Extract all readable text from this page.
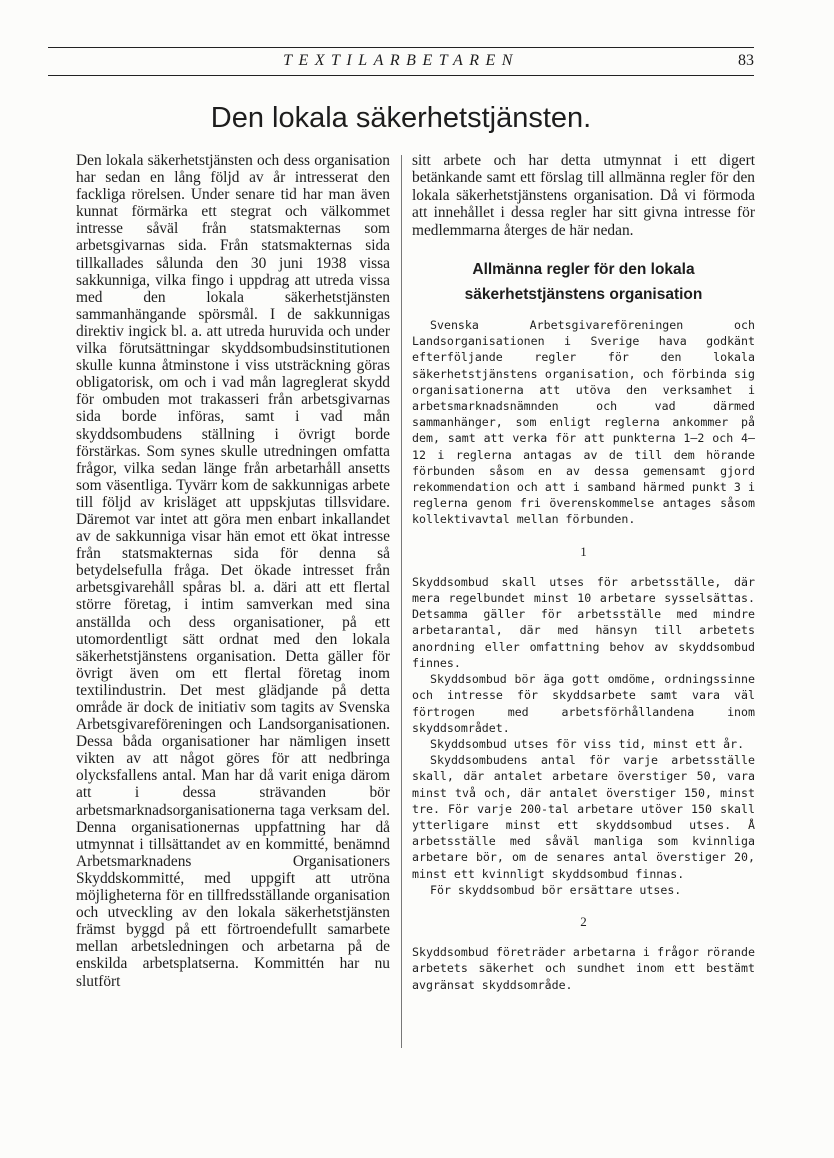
TEXTILARBETAREN	83
Den lokala säkerhetstjänsten.

Den lokala säkerhetstjänsten och dess organisation har sedan en lång följd av år intresserat den fackliga rörelsen. Under senare tid har man även kunnat förmärka ett stegrat och välkommet intresse såväl från statsmakternas som arbetsgivarnas sida. Från statsmakternas sida tillkallades sålunda den 30 juni 1938 vissa sakkunniga, vilka fingo i uppdrag att utreda vissa med den lokala säkerhetstjänsten sammanhängande spörsmål. I de sakkunnigas direktiv ingick bl. a. att utreda huruvida och under vilka förutsättningar skyddsombudsinstitutionen skulle kunna åtminstone i viss utsträckning göras obligatorisk, om och i vad mån lagreglerat skydd för ombuden mot trakasseri från arbetsgivarnas sida borde införas, samt i vad mån skyddsombudens ställning i övrigt borde förstärkas. Som synes skulle utredningen omfatta frågor, vilka sedan länge från arbetarhåll ansetts som väsentliga. Tyvärr kom de sakkunnigas arbete till följd av krisläget att uppskjutas tillsvidare. Däremot var intet att göra men enbart inkallandet av de sakkunniga visar hän emot ett ökat intresse från statsmakternas sida för denna så betydelsefulla fråga. Det ökade intresset från arbetsgivarehåll spåras bl. a. däri att ett flertal större företag, i intim samverkan med sina anställda och dess organisationer, på ett utomordentligt sätt ordnat med den lokala säkerhetstjänstens organisation. Detta gäller för övrigt även om ett flertal företag inom textilindustrin. Det mest glädjande på detta område är dock de initiativ som tagits av Svenska Arbetsgivareföreningen och Landsorganisationen. Dessa båda organisationer har nämligen insett vikten av att något göres för att nedbringa olycksfallens antal. Man har då varit eniga därom att i dessa strävanden bör arbetsmarknadsorganisationerna taga verksam del. Denna organisationernas uppfattning har då utmynnat i tillsättandet av en kommitté, benämnd Arbetsmarknadens Organisationers Skyddskommitté, med uppgift att utröna möjligheterna för en tillfredsställande organisation och utveckling av den lokala säkerhetstjänsten främst byggd på ett förtroendefullt samarbete mellan arbetsledningen och arbetarna på de enskilda arbetsplatserna. Kommittén har nu slutfört

sitt arbete och har detta utmynnat i ett digert betänkande samt ett förslag till allmänna regler för den lokala säkerhetstjänstens organisation. Då vi förmoda att innehållet i dessa regler har sitt givna intresse för medlemmarna återges de här nedan.

Allmänna regler för den lokala säkerhetstjänstens organisation

Svenska Arbetsgivareföreningen och Landsorganisationen i Sverige hava godkänt efterföljande regler för den lokala säkerhetstjänstens organisation, och förbinda sig organisationerna att utöva den verksamhet i arbetsmarknadsnämnden och vad därmed sammanhänger, som enligt reglerna ankommer på dem, samt att verka för att punkterna 1—2 och 4—12 i reglerna antagas av de till dem hörande förbunden såsom en av dessa gemensamt gjord rekommendation och att i samband härmed punkt 3 i reglerna genom fri överenskommelse antages såsom kollektivavtal mellan förbunden.

1

Skyddsombud skall utses för arbetsställe, där mera regelbundet minst 10 arbetare sysselsättas. Detsamma gäller för arbetsställe med mindre arbetarantal, där med hänsyn till arbetets anordning eller omfattning behov av skyddsombud finnes.

Skyddsombud bör äga gott omdöme, ordningssinne och intresse för skyddsarbete samt vara väl förtrogen med arbetsförhållandena inom skyddsområdet.

Skyddsombud utses för viss tid, minst ett år.

Skyddsombudens antal för varje arbetsställe skall, där antalet arbetare överstiger 50, vara minst två och, där antalet överstiger 150, minst tre. För varje 200-tal arbetare utöver 150 skall ytterligare minst ett skyddsombud utses. Å arbetsställe med såväl manliga som kvinnliga arbetare bör, om de senares antal överstiger 20, minst ett kvinnligt skyddsombud finnas.

För skyddsombud bör ersättare utses.

2

Skyddsombud företräder arbetarna i frågor rörande arbetets säkerhet och sundhet inom ett bestämt avgränsat skyddsområde.
